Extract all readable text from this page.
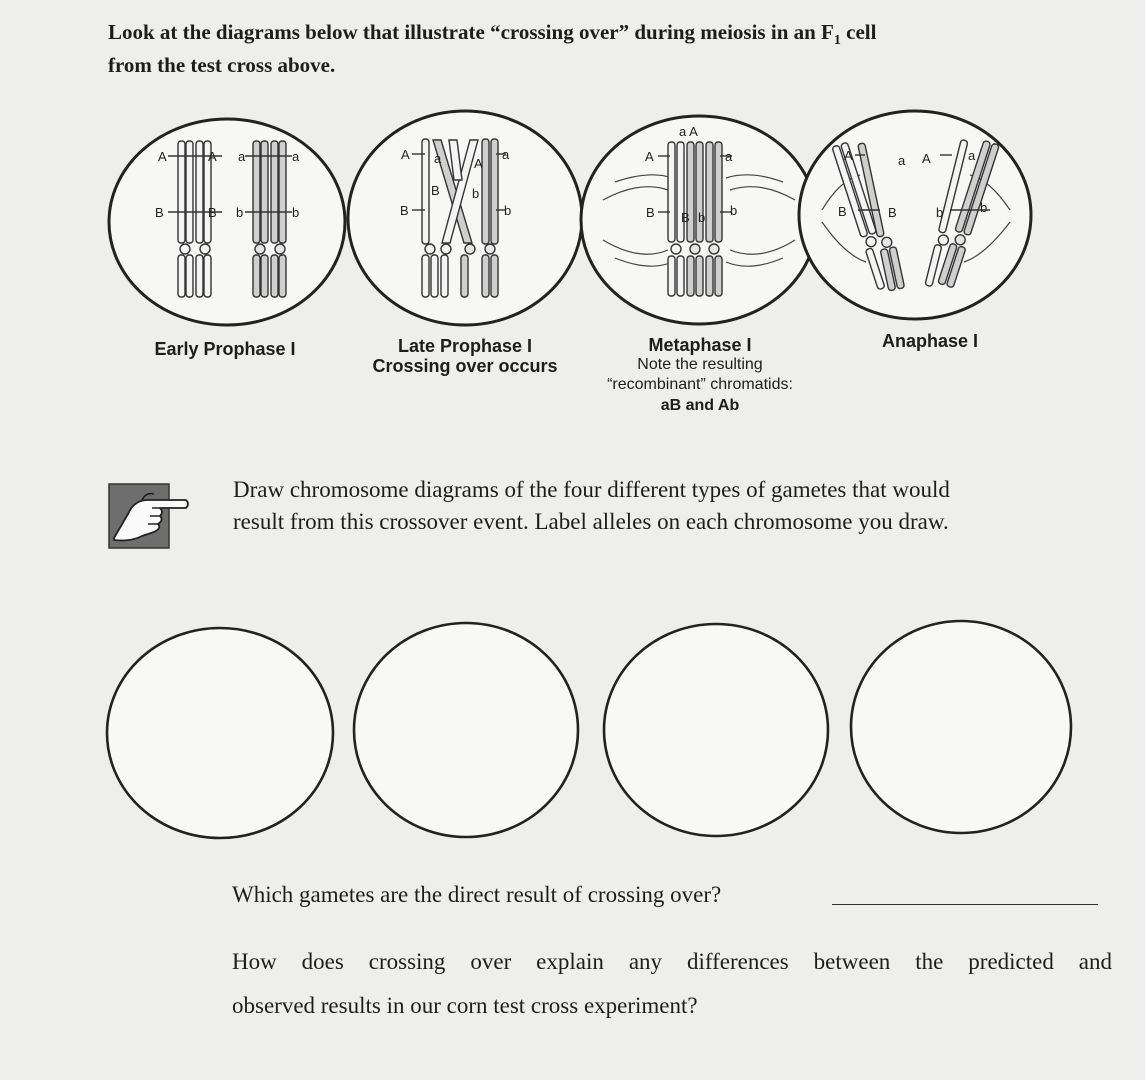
Look at the diagrams below that illustrate “crossing over” during meiosis in an $F_1$ cell
from the test cross above.
A	A a	a
B	B b	b
A a	A
a
B b
B	b
a A
A	a
B B b b
A	a A	a
B	B	b	b
Early Prophase I	Late Prophase I
Crossing over occurs
Metaphase I
Note the resulting
“recombinant” chromatids:
aB and Ab
Anaphase I
Draw chromosome diagrams of the four different types of gametes that would
result from this crossover event. Label alleles on each chromosome you draw.
Which gametes are the direct result of crossing over?
How does crossing over explain any differences between the predicted and
observed results in our corn test cross experiment?
